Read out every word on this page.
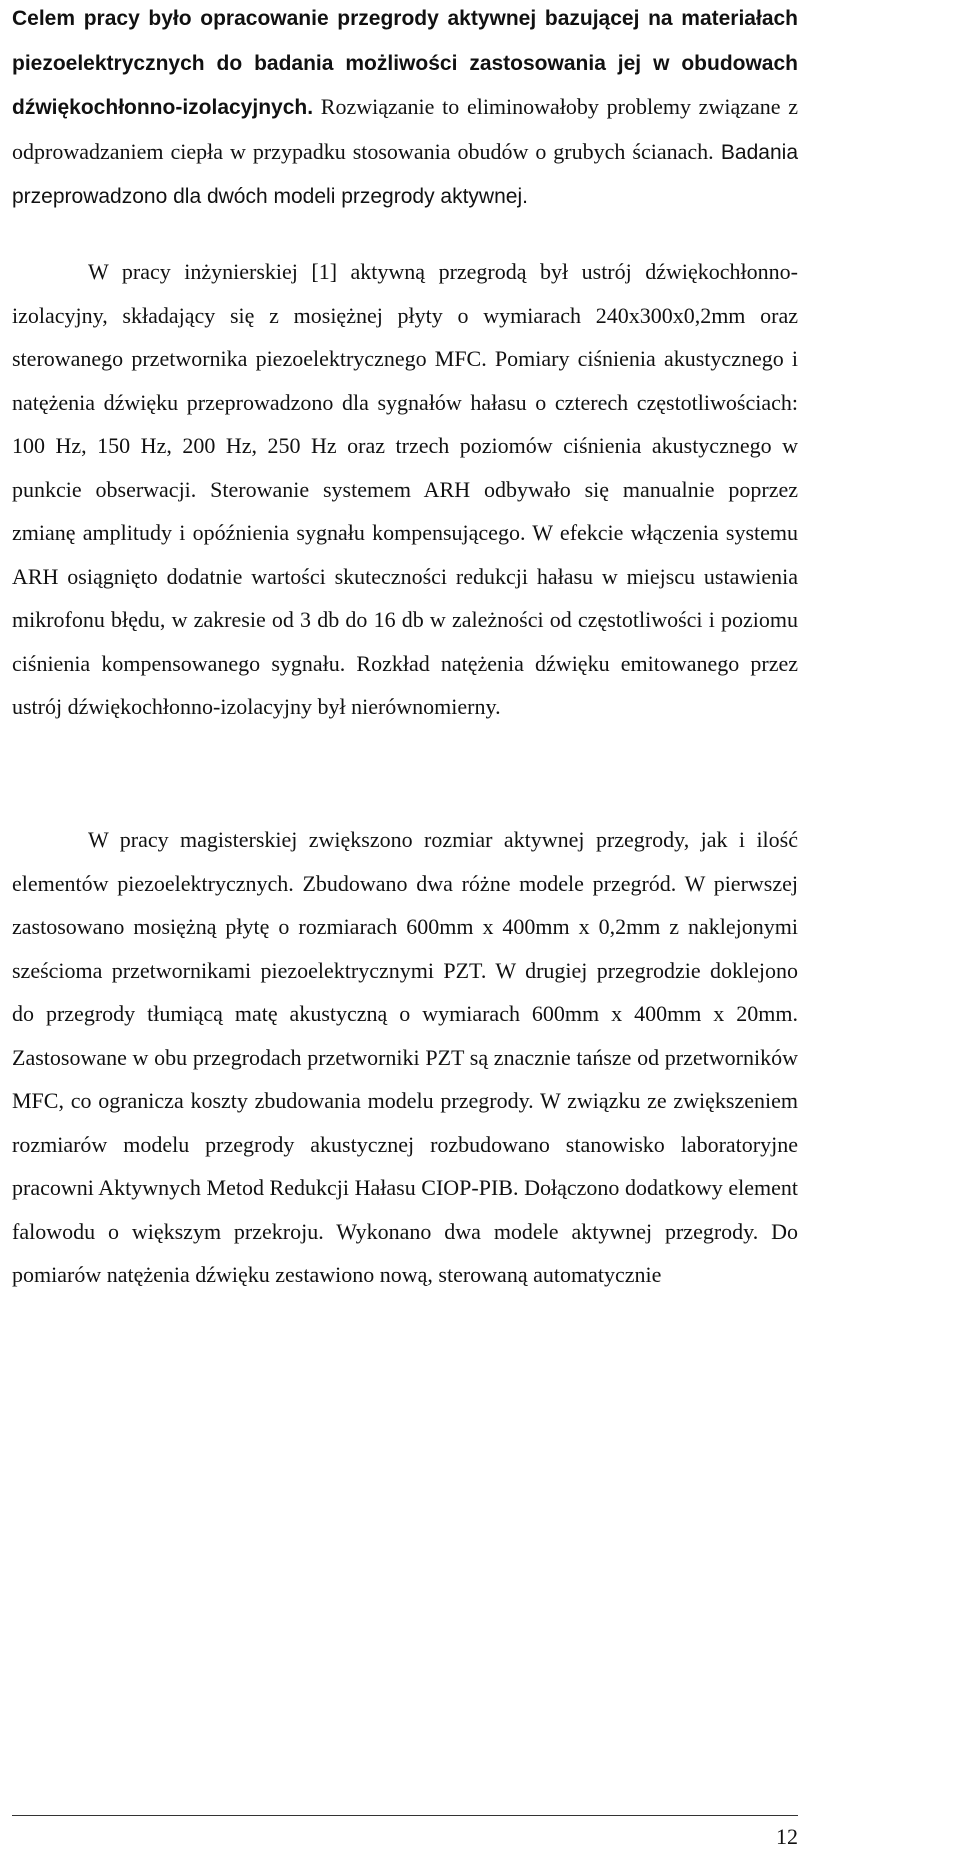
Celem pracy było opracowanie przegrody aktywnej bazującej na materiałach piezoelektrycznych do badania możliwości zastosowania jej w obudowach dźwiękochłonno-izolacyjnych. Rozwiązanie to eliminowałoby problemy związane z odprowadzaniem ciepła w przypadku stosowania obudów o grubych ścianach. Badania przeprowadzono dla dwóch modeli przegrody aktywnej.

W pracy inżynierskiej [1] aktywną przegrodą był ustrój dźwiękochłonno-izolacyjny, składający się z mosiężnej płyty o wymiarach 240x300x0,2mm oraz sterowanego przetwornika piezoelektrycznego MFC. Pomiary ciśnienia akustycznego i natężenia dźwięku przeprowadzono dla sygnałów hałasu o czterech częstotliwościach: 100 Hz, 150 Hz, 200 Hz, 250 Hz oraz trzech poziomów ciśnienia akustycznego w punkcie obserwacji. Sterowanie systemem ARH odbywało się manualnie poprzez zmianę amplitudy i opóźnienia sygnału kompensującego. W efekcie włączenia systemu ARH osiągnięto dodatnie wartości skuteczności redukcji hałasu w miejscu ustawienia mikrofonu błędu, w zakresie od 3 db do 16 db w zależności od częstotliwości i poziomu ciśnienia kompensowanego sygnału. Rozkład natężenia dźwięku emitowanego przez ustrój dźwiękochłonno-izolacyjny był nierównomierny.

W pracy magisterskiej zwiększono rozmiar aktywnej przegrody, jak i ilość elementów piezoelektrycznych. Zbudowano dwa różne modele przegród. W pierwszej zastosowano mosiężną płytę o rozmiarach 600mm x 400mm x 0,2mm z naklejonymi sześcioma przetwornikami piezoelektrycznymi PZT. W drugiej przegrodzie doklejono do przegrody tłumiącą matę akustyczną o wymiarach 600mm x 400mm x 20mm. Zastosowane w obu przegrodach przetworniki PZT są znacznie tańsze od przetworników MFC, co ogranicza koszty zbudowania modelu przegrody. W związku ze zwiększeniem rozmiarów modelu przegrody akustycznej rozbudowano stanowisko laboratoryjne pracowni Aktywnych Metod Redukcji Hałasu CIOP-PIB. Dołączono dodatkowy element falowodu o większym przekroju. Wykonano dwa modele aktywnej przegrody. Do pomiarów natężenia dźwięku zestawiono nową, sterowaną automatycznie

12
